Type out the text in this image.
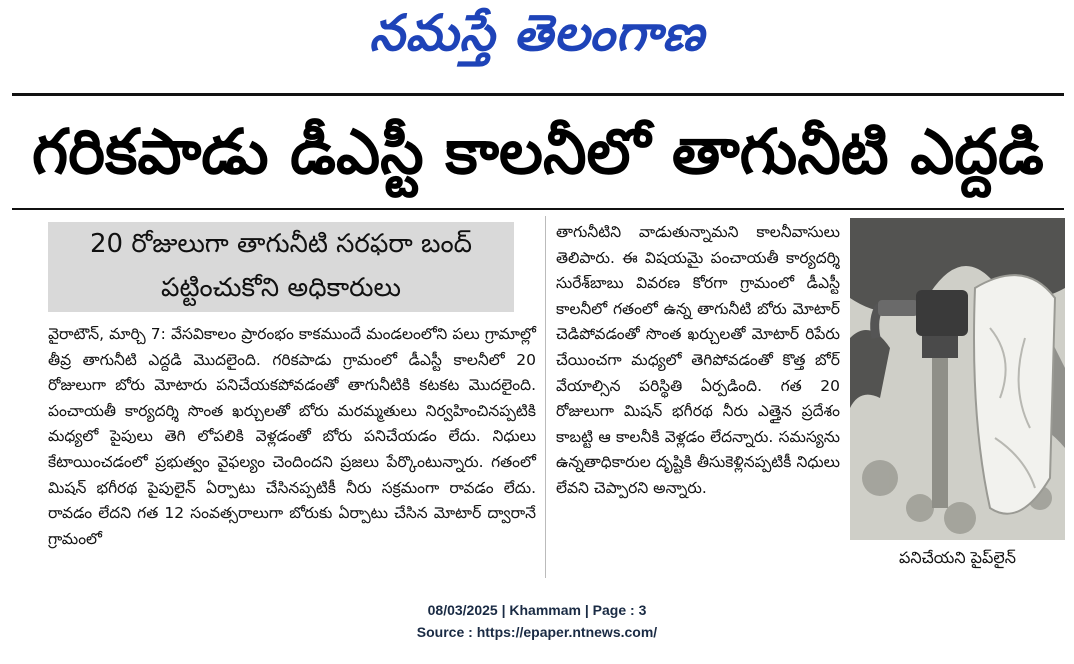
నమస్తే తెలంగాణ
గరికపాడు డీఎస్టీ కాలనీలో తాగునీటి ఎద్దడి
20 రోజులుగా తాగునీటి సరఫరా బంద్
పట్టించుకోని అధికారులు

వైరాటౌన్, మార్చి 7: వేసవికాలం ప్రారంభం కాకముందే మండలంలోని పలు గ్రామాల్లో తీవ్ర తాగునీటి ఎద్దడి మొదలైంది. గరికపాడు గ్రామంలో డీఎస్టీ కాలనీలో 20 రోజులుగా బోరు మోటారు పనిచేయకపోవడంతో తాగునీటికి కటకట మొదలైంది. పంచాయతీ కార్యదర్శి సొంత ఖర్చులతో బోరు మరమ్మతులు నిర్వహించినప్పటికి మధ్యలో పైపులు తెగి లోపలికి వెళ్లడంతో బోరు పనిచేయడం లేదు. నిధులు కేటాయించడంలో ప్రభుత్వం వైఫల్యం చెందిందని ప్రజలు పేర్కొంటున్నారు. గతంలో మిషన్ భగీరథ పైపులైన్ ఏర్పాటు చేసినప్పటికీ నీరు సక్రమంగా రావడం లేదు. రావడం లేదని గత 12 సంవత్సరాలుగా బోరుకు ఏర్పాటు చేసిన మోటార్ ద్వారానే గ్రామంలో

తాగునీటిని వాడుతున్నామని కాలనీవాసులు తెలిపారు. ఈ విషయమై పంచాయతీ కార్యదర్శి సురేశ్‌బాబు వివరణ కోరగా గ్రామంలో డీఎస్టీ కాలనీలో గతంలో ఉన్న తాగునీటి బోరు మోటార్ చెడిపోవడంతో సొంత ఖర్చులతో మోటార్ రిపేరు చేయించగా మధ్యలో తెగిపోవడంతో కొత్త బోర్ వేయాల్సిన పరిస్థితి ఏర్పడింది. గత 20 రోజులుగా మిషన్ భగీరథ నీరు ఎత్తైన ప్రదేశం కాబట్టి ఆ కాలనీకి వెళ్లడం లేదన్నారు. సమస్యను ఉన్నతాధికారుల దృష్టికి తీసుకెళ్లినప్పటికీ నిధులు లేవని చెప్పారని అన్నారు.

పనిచేయని పైప్‌లైన్
08/03/2025 | Khammam | Page : 3
Source : https://epaper.ntnews.com/
